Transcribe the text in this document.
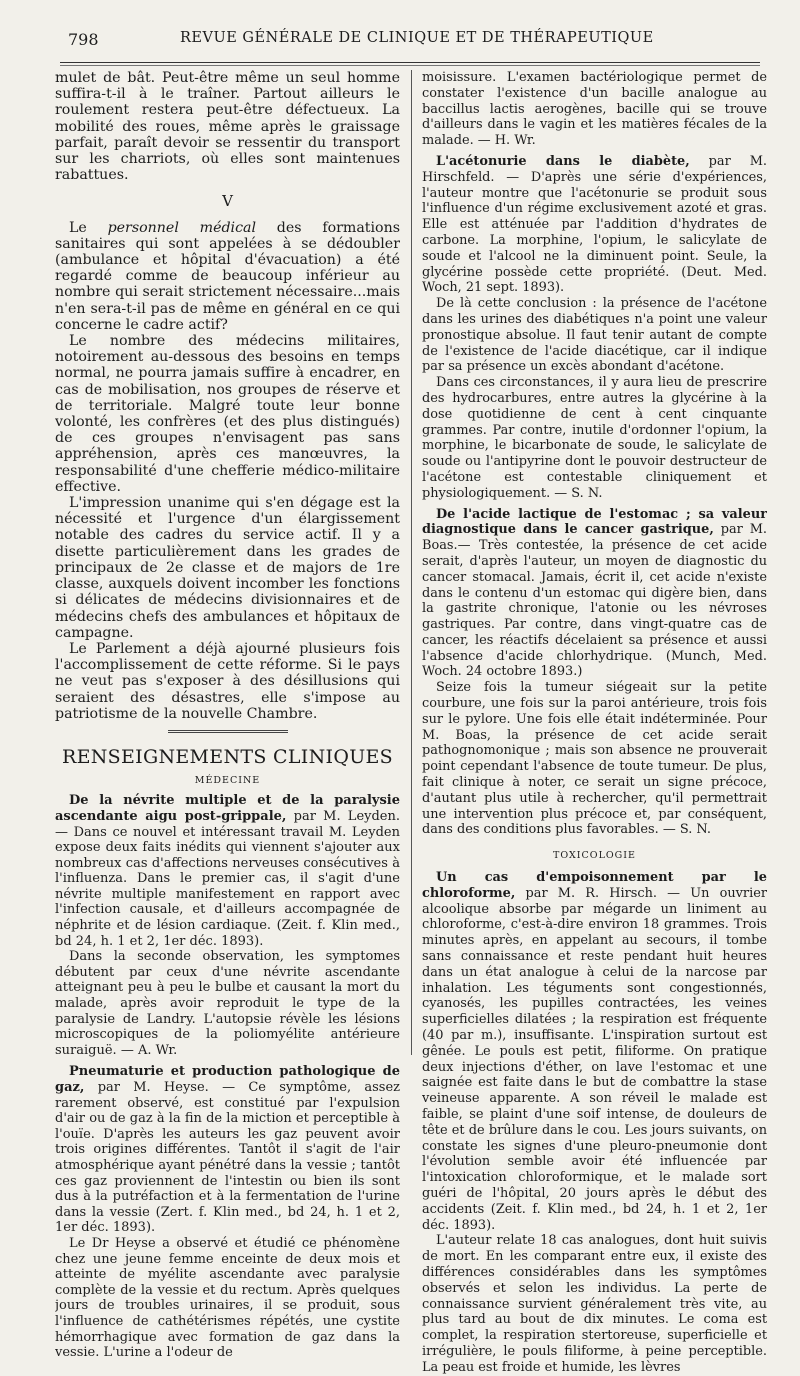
798	REVUE GÉNÉRALE DE CLINIQUE ET DE THÉRAPEUTIQUE

mulet de bât. Peut-être même un seul homme suffira-t-il à le traîner. Partout ailleurs le roulement restera peut-être défectueux. La mobilité des roues, même après le graissage parfait, paraît devoir se ressentir du transport sur les charriots, où elles sont maintenues rabattues.

V

Le personnel médical des formations sanitaires qui sont appelées à se dédoubler (ambulance et hôpital d'évacuation) a été regardé comme de beaucoup inférieur au nombre qui serait strictement nécessaire...mais n'en sera-t-il pas de même en général en ce qui concerne le cadre actif?

Le nombre des médecins militaires, notoirement au-dessous des besoins en temps normal, ne pourra jamais suffire à encadrer, en cas de mobilisation, nos groupes de réserve et de territoriale. Malgré toute leur bonne volonté, les confrères (et des plus distingués) de ces groupes n'envisagent pas sans appréhension, après ces manœuvres, la responsabilité d'une chefferie médico-militaire effective.

L'impression unanime qui s'en dégage est la nécessité et l'urgence d'un élargissement notable des cadres du service actif. Il y a disette particulièrement dans les grades de principaux de 2e classe et de majors de 1re classe, auxquels doivent incomber les fonctions si délicates de médecins divisionnaires et de médecins chefs des ambulances et hôpitaux de campagne.

Le Parlement a déjà ajourné plusieurs fois l'accomplissement de cette réforme. Si le pays ne veut pas s'exposer à des désillusions qui seraient des désastres, elle s'impose au patriotisme de la nouvelle Chambre.

RENSEIGNEMENTS CLINIQUES
MÉDECINE

De la névrite multiple et de la paralysie ascendante aigu post-grippale, par M. Leyden. — Dans ce nouvel et intéressant travail M. Leyden expose deux faits inédits qui viennent s'ajouter aux nombreux cas d'affections nerveuses consécutives à l'influenza. Dans le premier cas, il s'agit d'une névrite multiple manifestement en rapport avec l'infection causale, et d'ailleurs accompagnée de néphrite et de lésion cardiaque. (Zeit. f. Klin med., bd 24, h. 1 et 2, 1er déc. 1893).

Dans la seconde observation, les symptomes débutent par ceux d'une névrite ascendante atteignant peu à peu le bulbe et causant la mort du malade, après avoir reproduit le type de la paralysie de Landry. L'autopsie révèle les lésions microscopiques de la poliomyélite antérieure suraiguë. — A. Wr.

Pneumaturie et production pathologique de gaz, par M. Heyse. — Ce symptôme, assez rarement observé, est constitué par l'expulsion d'air ou de gaz à la fin de la miction et perceptible à l'ouïe. D'après les auteurs les gaz peuvent avoir trois origines différentes. Tantôt il s'agit de l'air atmosphérique ayant pénétré dans la vessie ; tantôt ces gaz proviennent de l'intestin ou bien ils sont dus à la putréfaction et à la fermentation de l'urine dans la vessie (Zert. f. Klin med., bd 24, h. 1 et 2, 1er déc. 1893).

Le Dr Heyse a observé et étudié ce phénomène chez une jeune femme enceinte de deux mois et atteinte de myélite ascendante avec paralysie complète de la vessie et du rectum. Après quelques jours de troubles urinaires, il se produit, sous l'influence de cathétérismes répétés, une cystite hémorrhagique avec formation de gaz dans la vessie. L'urine a l'odeur de

moisissure. L'examen bactériologique permet de constater l'existence d'un bacille analogue au baccillus lactis aerogènes, bacille qui se trouve d'ailleurs dans le vagin et les matières fécales de la malade. — H. Wr.

L'acétonurie dans le diabète, par M. Hirschfeld. — D'après une série d'expériences, l'auteur montre que l'acétonurie se produit sous l'influence d'un régime exclusivement azoté et gras. Elle est atténuée par l'addition d'hydrates de carbone. La morphine, l'opium, le salicylate de soude et l'alcool ne la diminuent point. Seule, la glycérine possède cette propriété. (Deut. Med. Woch, 21 sept. 1893).

De là cette conclusion : la présence de l'acétone dans les urines des diabétiques n'a point une valeur pronostique absolue. Il faut tenir autant de compte de l'existence de l'acide diacétique, car il indique par sa présence un excès abondant d'acétone.

Dans ces circonstances, il y aura lieu de prescrire des hydrocarbures, entre autres la glycérine à la dose quotidienne de cent à cent cinquante grammes. Par contre, inutile d'ordonner l'opium, la morphine, le bicarbonate de soude, le salicylate de soude ou l'antipyrine dont le pouvoir destructeur de l'acétone est contestable cliniquement et physiologiquement. — S. N.

De l'acide lactique de l'estomac ; sa valeur diagnostique dans le cancer gastrique, par M. Boas.— Très contestée, la présence de cet acide serait, d'après l'auteur, un moyen de diagnostic du cancer stomacal. Jamais, écrit il, cet acide n'existe dans le contenu d'un estomac qui digère bien, dans la gastrite chronique, l'atonie ou les névroses gastriques. Par contre, dans vingt-quatre cas de cancer, les réactifs décelaient sa présence et aussi l'absence d'acide chlorhydrique. (Munch, Med. Woch. 24 octobre 1893.)

Seize fois la tumeur siégeait sur la petite courbure, une fois sur la paroi antérieure, trois fois sur le pylore. Une fois elle était indéterminée. Pour M. Boas, la présence de cet acide serait pathognomonique ; mais son absence ne prouverait point cependant l'absence de toute tumeur. De plus, fait clinique à noter, ce serait un signe précoce, d'autant plus utile à rechercher, qu'il permettrait une intervention plus précoce et, par conséquent, dans des conditions plus favorables. — S. N.

TOXICOLOGIE

Un cas d'empoisonnement par le chloroforme, par M. R. Hirsch. — Un ouvrier alcoolique absorbe par mégarde un liniment au chloroforme, c'est-à-dire environ 18 grammes. Trois minutes après, en appelant au secours, il tombe sans connaissance et reste pendant huit heures dans un état analogue à celui de la narcose par inhalation. Les téguments sont congestionnés, cyanosés, les pupilles contractées, les veines superficielles dilatées ; la respiration est fréquente (40 par m.), insuffisante. L'inspiration surtout est gênée. Le pouls est petit, filiforme. On pratique deux injections d'éther, on lave l'estomac et une saignée est faite dans le but de combattre la stase veineuse apparente. A son réveil le malade est faible, se plaint d'une soif intense, de douleurs de tête et de brûlure dans le cou. Les jours suivants, on constate les signes d'une pleuro-pneumonie dont l'évolution semble avoir été influencée par l'intoxication chloroformique, et le malade sort guéri de l'hôpital, 20 jours après le début des accidents (Zeit. f. Klin med., bd 24, h. 1 et 2, 1er déc. 1893).

L'auteur relate 18 cas analogues, dont huit suivis de mort. En les comparant entre eux, il existe des différences considérables dans les symptômes observés et selon les individus. La perte de connaissance survient généralement très vite, au plus tard au bout de dix minutes. Le coma est complet, la respiration stertoreuse, superficielle et irrégulière, le pouls filiforme, à peine perceptible. La peau est froide et humide, les lèvres
